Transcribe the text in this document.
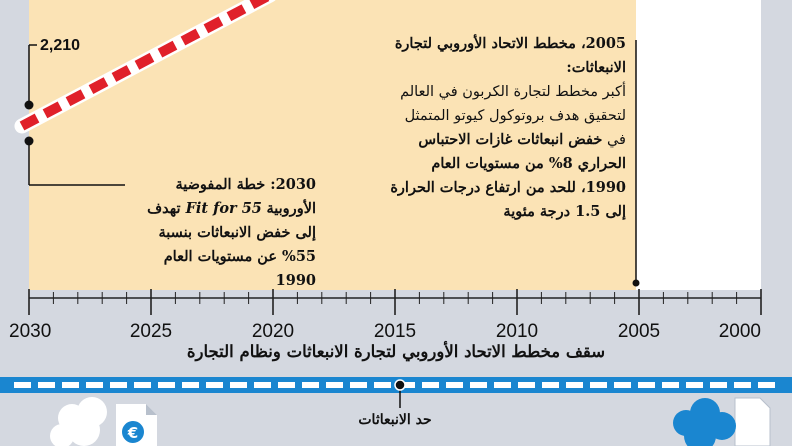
2,210
2030	2025	2020	2015	2010	2005	2000
€
2005، مخطط الاتحاد الأوروبي لتجارة الانبعاثات:
أكبر مخطط لتجارة الكربون في العالم لتحقيق هدف بروتوكول كيوتو المتمثل في خفض انبعاثات غازات الاحتباس الحراري 8% من مستويات العام 1990، للحد من ارتفاع درجات الحرارة إلى 1.5 درجة مئوية
2030: خطة المفوضية الأوروبية Fit for 55 تهدف إلى خفض الانبعاثات بنسبة 55% عن مستويات العام 1990
سقف مخطط الاتحاد الأوروبي لتجارة الانبعاثات ونظام التجارة
حد الانبعاثات
